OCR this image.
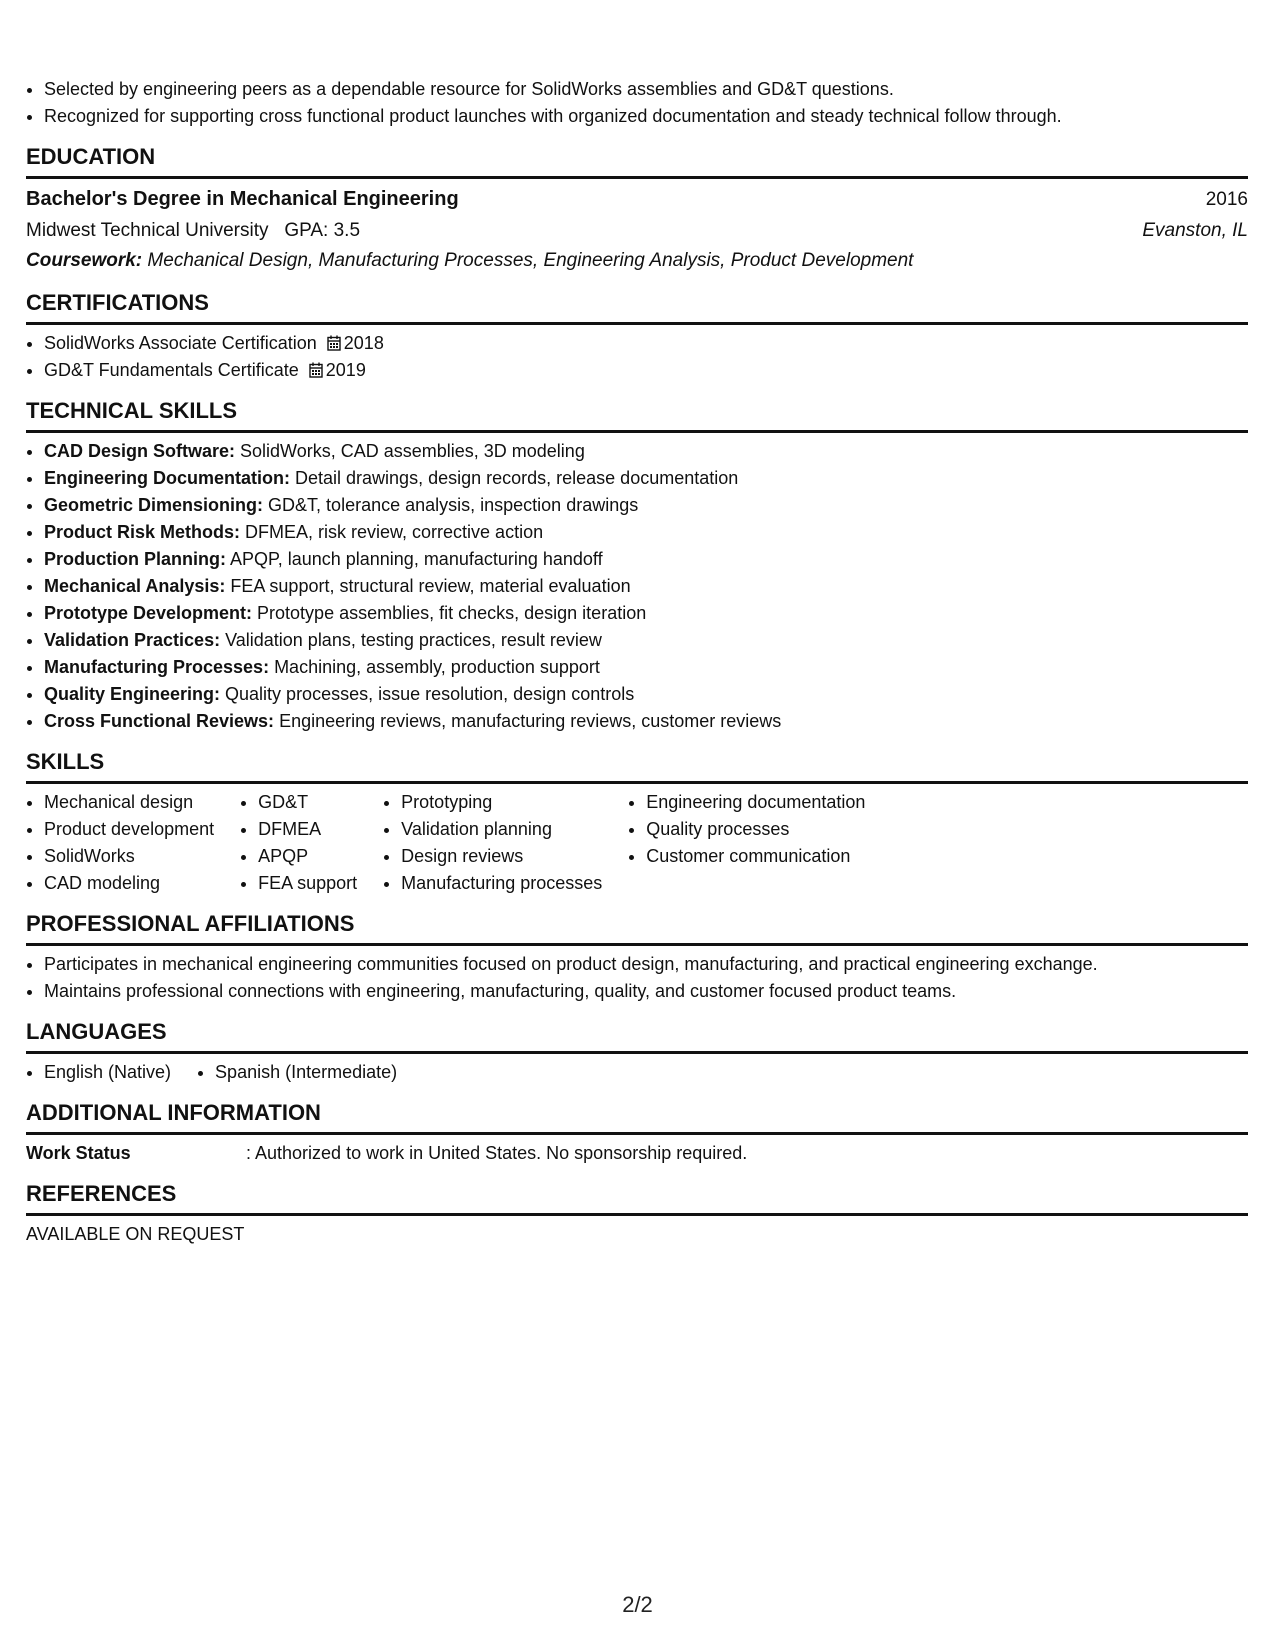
• Selected by engineering peers as a dependable resource for SolidWorks assemblies and GD&T questions.
• Recognized for supporting cross functional product launches with organized documentation and steady technical follow through.
EDUCATION
Bachelor's Degree in Mechanical Engineering	2016
Midwest Technical University   GPA: 3.5	Evanston, IL
Coursework: Mechanical Design, Manufacturing Processes, Engineering Analysis, Product Development
CERTIFICATIONS
• SolidWorks Associate Certification 2018
• GD&T Fundamentals Certificate 2019
TECHNICAL SKILLS
• CAD Design Software: SolidWorks, CAD assemblies, 3D modeling
• Engineering Documentation: Detail drawings, design records, release documentation
• Geometric Dimensioning: GD&T, tolerance analysis, inspection drawings
• Product Risk Methods: DFMEA, risk review, corrective action
• Production Planning: APQP, launch planning, manufacturing handoff
• Mechanical Analysis: FEA support, structural review, material evaluation
• Prototype Development: Prototype assemblies, fit checks, design iteration
• Validation Practices: Validation plans, testing practices, result review
• Manufacturing Processes: Machining, assembly, production support
• Quality Engineering: Quality processes, issue resolution, design controls
• Cross Functional Reviews: Engineering reviews, manufacturing reviews, customer reviews
SKILLS
• Mechanical design
• Product development
• SolidWorks
• CAD modeling
• GD&T
• DFMEA
• APQP
• FEA support
• Prototyping
• Validation planning
• Design reviews
• Manufacturing processes
• Engineering documentation
• Quality processes
• Customer communication
PROFESSIONAL AFFILIATIONS
• Participates in mechanical engineering communities focused on product design, manufacturing, and practical engineering exchange.
• Maintains professional connections with engineering, manufacturing, quality, and customer focused product teams.
LANGUAGES
• English (Native)
• Spanish (Intermediate)
ADDITIONAL INFORMATION
Work Status	: Authorized to work in United States. No sponsorship required.
REFERENCES
AVAILABLE ON REQUEST
2/2
